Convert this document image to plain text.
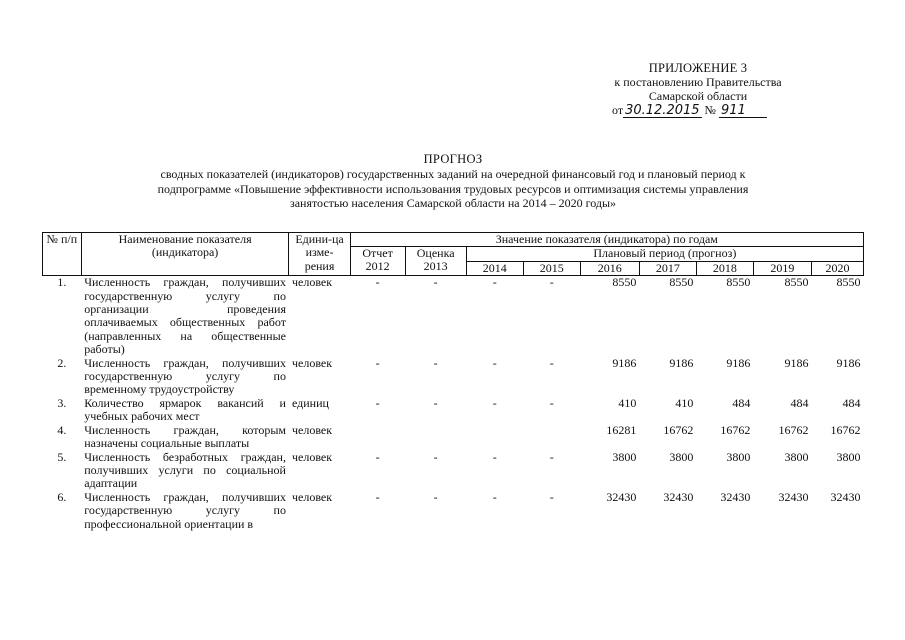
ПРИЛОЖЕНИЕ 3
к постановлению Правительства
Самарской области
от 30.12.2015 № 911
ПРОГНОЗ
сводных показателей (индикаторов) государственных заданий на очередной финансовый год и плановый период к
подпрограмме «Повышение эффективности использования трудовых ресурсов и оптимизация системы управления
занятостью населения Самарской области на 2014 – 2020 годы»
№ п/п	Наименование показателя (индикатора)	Едини-ца изме-рения	Значение показателя (индикатора) по годам								
			Отчет 2012	Оценка 2013	Плановый период (прогноз)						
					2014	2015	2016	2017	2018	2019	2020
1.	Численность граждан, получивших государственную услугу по организации проведения оплачиваемых общественных работ (направленных на общественные работы)	человек	-	-	-	-	8550	8550	8550	8550	8550
2.	Численность граждан, получивших государственную услугу по временному трудоустройству	человек	-	-	-	-	9186	9186	9186	9186	9186
3.	Количество ярмарок вакансий и учебных рабочих мест	единиц	-	-	-	-	410	410	484	484	484
4.	Численность граждан, которым назначены социальные выплаты	человек					16281	16762	16762	16762	16762
5.	Численность безработных граждан, получивших услуги по социальной адаптации	человек	-	-	-	-	3800	3800	3800	3800	3800
6.	Численность граждан, получивших государственную услугу по профессиональной ориентации в	человек	-	-	-	-	32430	32430	32430	32430	32430
